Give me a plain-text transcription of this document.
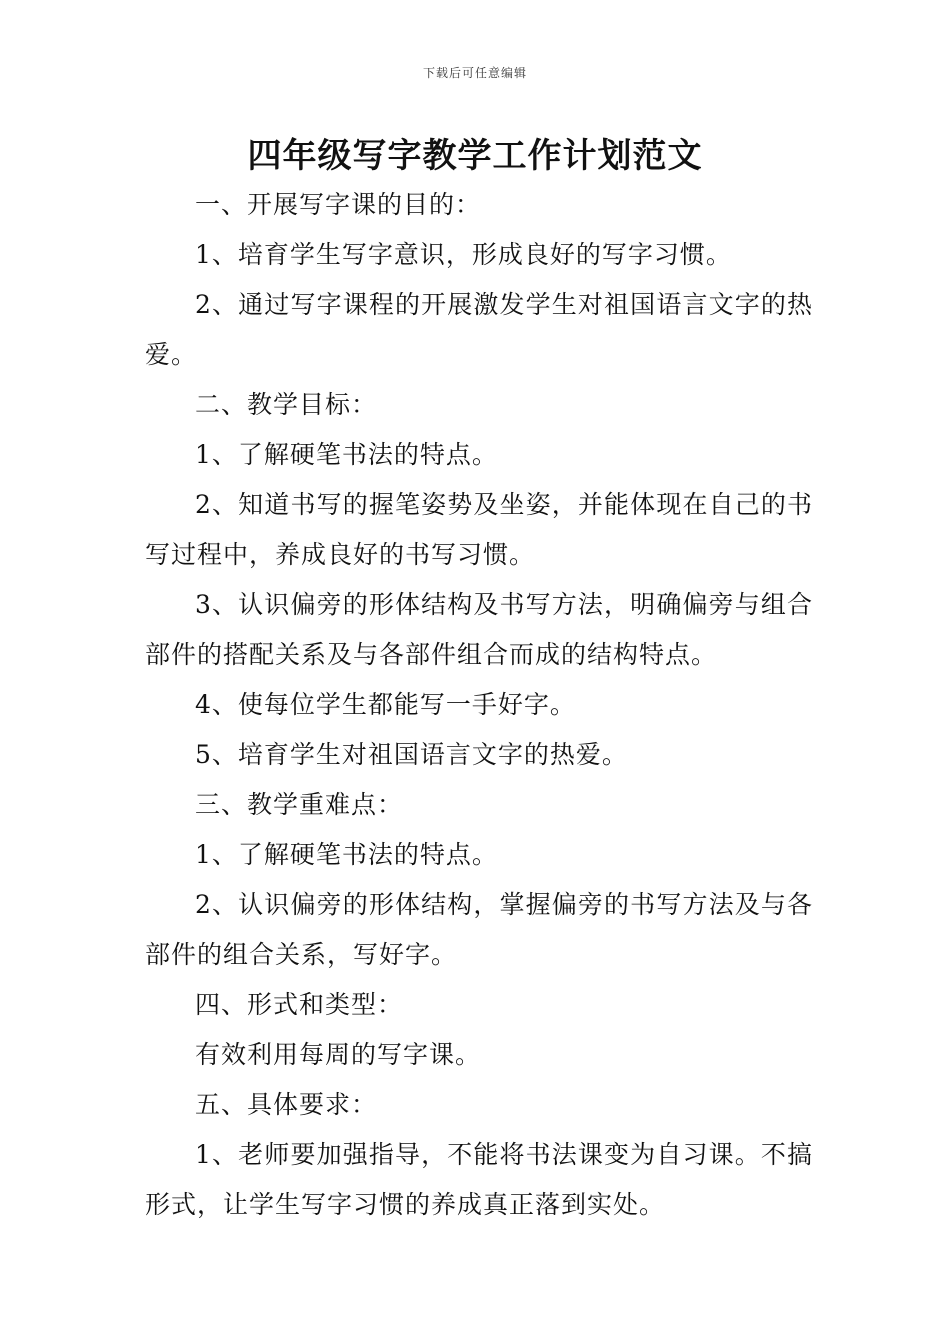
下载后可任意编辑
四年级写字教学工作计划范文

一、开展写字课的目的：

1、培育学生写字意识，形成良好的写字习惯。

2、通过写字课程的开展激发学生对祖国语言文字的热爱。

二、教学目标：

1、了解硬笔书法的特点。

2、知道书写的握笔姿势及坐姿，并能体现在自己的书写过程中，养成良好的书写习惯。

3、认识偏旁的形体结构及书写方法，明确偏旁与组合部件的搭配关系及与各部件组合而成的结构特点。

4、使每位学生都能写一手好字。

5、培育学生对祖国语言文字的热爱。

三、教学重难点：

1、了解硬笔书法的特点。

2、认识偏旁的形体结构，掌握偏旁的书写方法及与各部件的组合关系，写好字。

四、形式和类型：

有效利用每周的写字课。

五、具体要求：

1、老师要加强指导，不能将书法课变为自习课。不搞形式，让学生写字习惯的养成真正落到实处。
